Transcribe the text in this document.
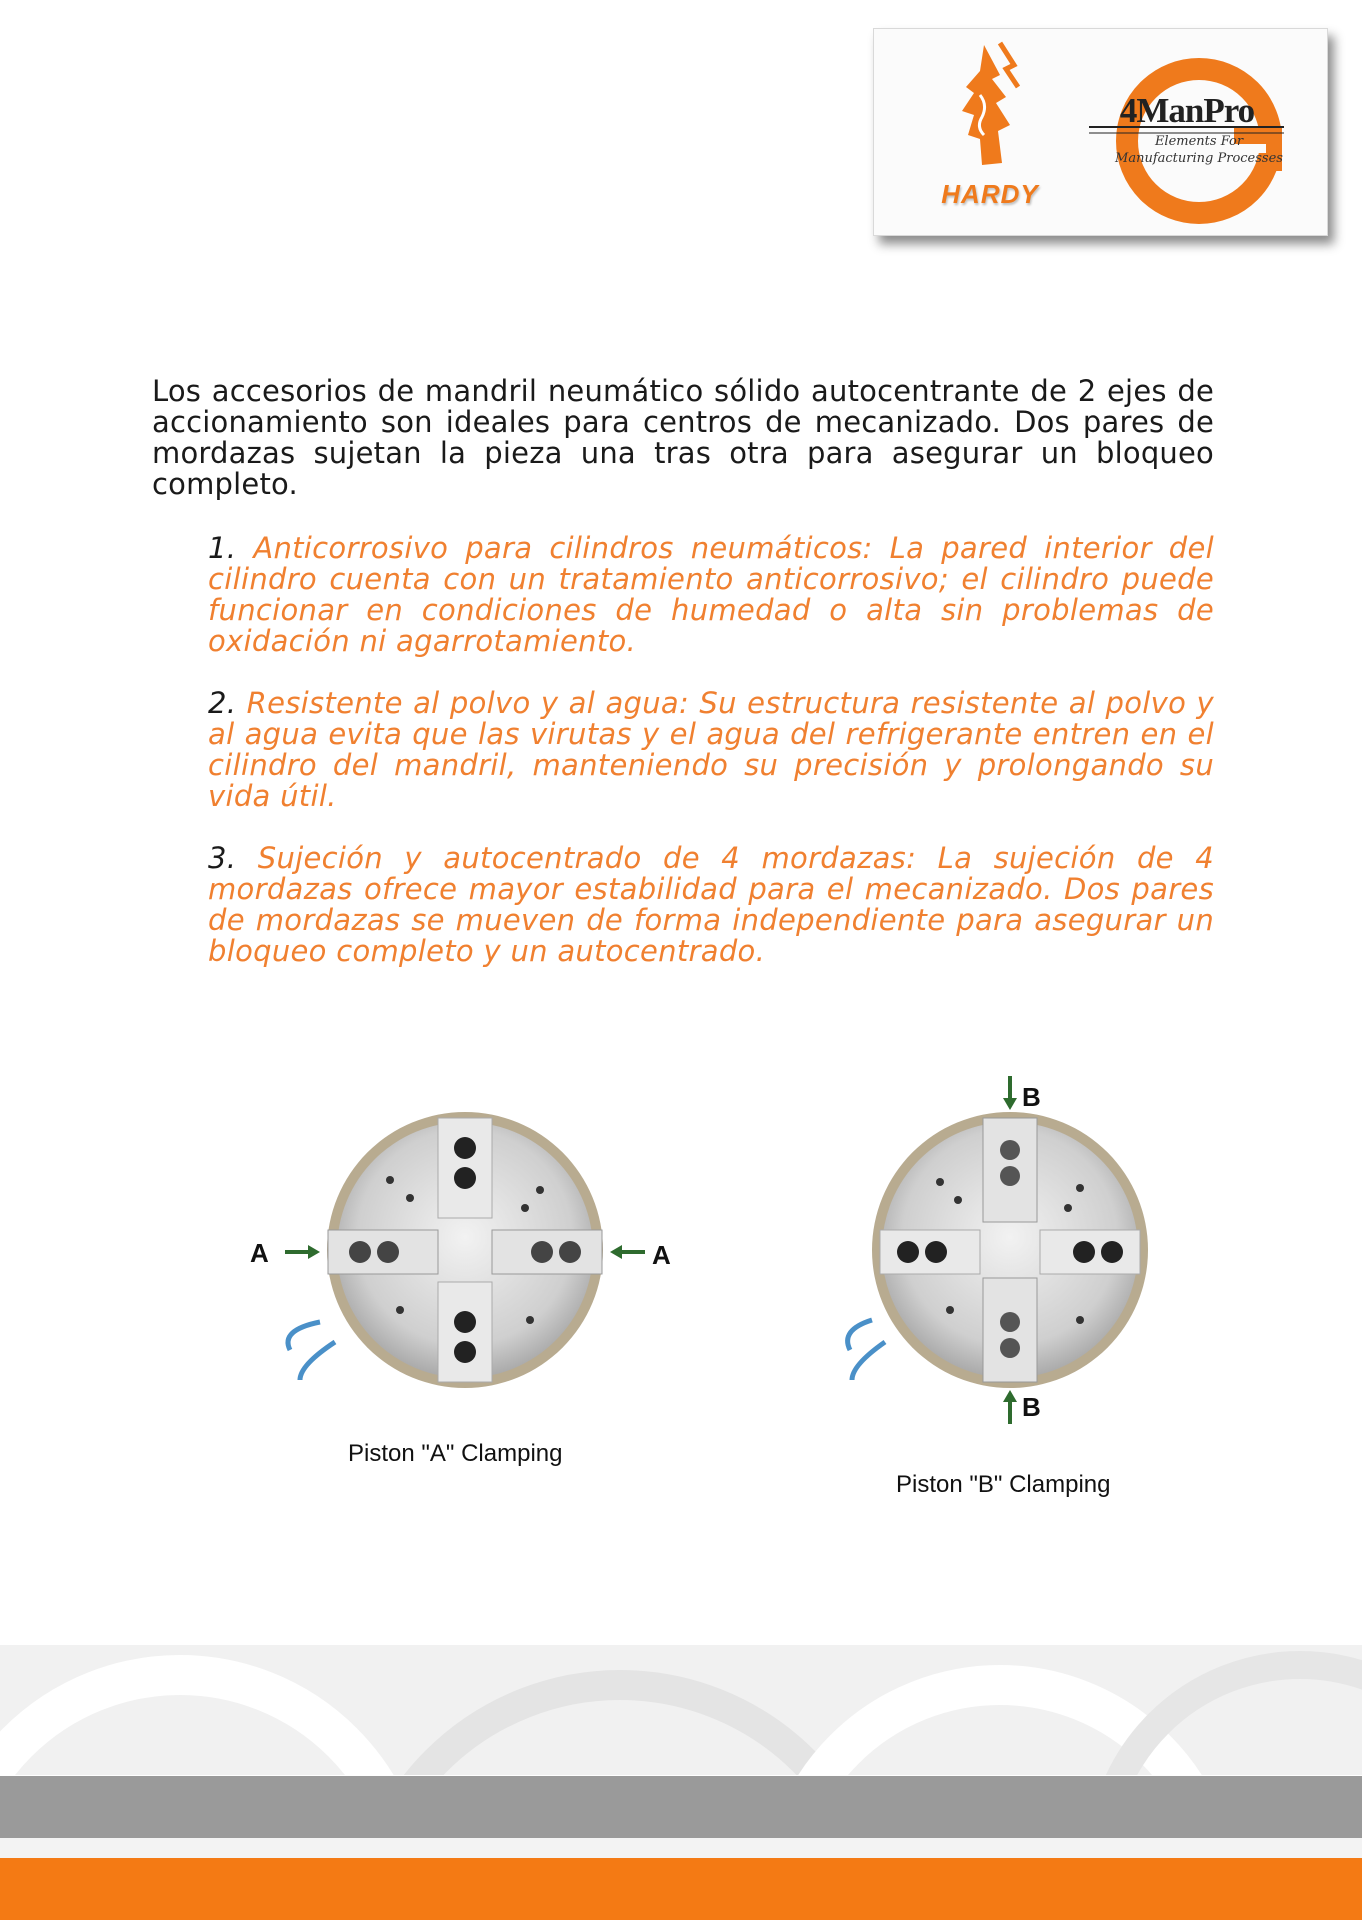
HARDY
4ManPro
Elements For
Manufacturing Processes

Los accesorios de mandril neumático sólido autocentrante de 2 ejes de accionamiento son ideales para centros de mecanizado. Dos pares de mordazas sujetan la pieza una tras otra para asegurar un bloqueo completo.

1. Anticorrosivo para cilindros neumáticos: La pared interior del cilindro cuenta con un tratamiento anticorrosivo; el cilindro puede funcionar en condiciones de humedad o alta sin problemas de oxidación ni agarrotamiento.

2. Resistente al polvo y al agua: Su estructura resistente al polvo y al agua evita que las virutas y el agua del refrigerante entren en el cilindro del mandril, manteniendo su precisión y prolongando su vida útil.

3. Sujeción y autocentrado de 4 mordazas: La sujeción de 4 mordazas ofrece mayor estabilidad para el mecanizado. Dos pares de mordazas se mueven de forma independiente para asegurar un bloqueo completo y un autocentrado.

A	A
Piston "A" Clamping
B
B
Piston "B" Clamping
